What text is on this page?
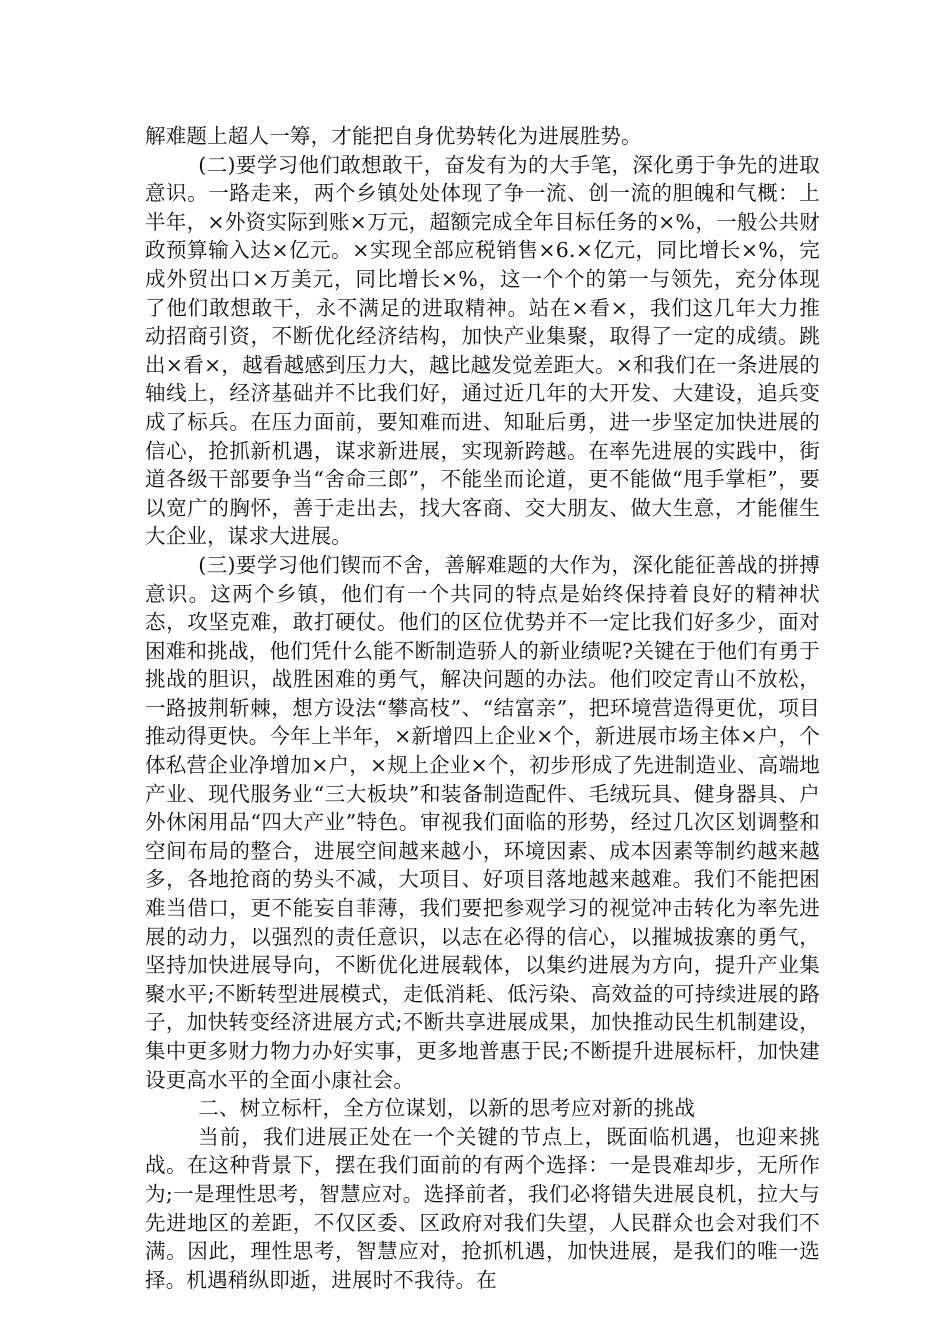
解难题上超人一筹，才能把自身优势转化为进展胜势。

(二)要学习他们敢想敢干，奋发有为的大手笔，深化勇于争先的进取意识。一路走来，两个乡镇处处体现了争一流、创一流的胆魄和气概：上半年，×外资实际到账×万元，超额完成全年目标任务的×%，一般公共财政预算输入达×亿元。×实现全部应税销售×6.×亿元，同比增长×%，完成外贸出口×万美元，同比增长×%，这一个个的第一与领先，充分体现了他们敢想敢干，永不满足的进取精神。站在×看×，我们这几年大力推动招商引资，不断优化经济结构，加快产业集聚，取得了一定的成绩。跳出×看×，越看越感到压力大，越比越发觉差距大。×和我们在一条进展的轴线上，经济基础并不比我们好，通过近几年的大开发、大建设，追兵变成了标兵。在压力面前，要知难而进、知耻后勇，进一步坚定加快进展的信心，抢抓新机遇，谋求新进展，实现新跨越。在率先进展的实践中，街道各级干部要争当“舍命三郎”，不能坐而论道，更不能做“甩手掌柜”，要以宽广的胸怀，善于走出去，找大客商、交大朋友、做大生意，才能催生大企业，谋求大进展。

(三)要学习他们锲而不舍，善解难题的大作为，深化能征善战的拼搏意识。这两个乡镇，他们有一个共同的特点是始终保持着良好的精神状态，攻坚克难，敢打硬仗。他们的区位优势并不一定比我们好多少，面对困难和挑战，他们凭什么能不断制造骄人的新业绩呢?关键在于他们有勇于挑战的胆识，战胜困难的勇气，解决问题的办法。他们咬定青山不放松，一路披荆斩棘，想方设法“攀高枝”、“结富亲”，把环境营造得更优，项目推动得更快。今年上半年，×新增四上企业×个，新进展市场主体×户，个体私营企业净增加×户，×规上企业×个，初步形成了先进制造业、高端地产业、现代服务业“三大板块”和装备制造配件、毛绒玩具、健身器具、户外休闲用品“四大产业”特色。审视我们面临的形势，经过几次区划调整和空间布局的整合，进展空间越来越小，环境因素、成本因素等制约越来越多，各地抢商的势头不减，大项目、好项目落地越来越难。我们不能把困难当借口，更不能妄自菲薄，我们要把参观学习的视觉冲击转化为率先进展的动力，以强烈的责任意识，以志在必得的信心，以摧城拔寨的勇气，坚持加快进展导向，不断优化进展载体，以集约进展为方向，提升产业集聚水平;不断转型进展模式，走低消耗、低污染、高效益的可持续进展的路子，加快转变经济进展方式;不断共享进展成果，加快推动民生机制建设，集中更多财力物力办好实事，更多地普惠于民;不断提升进展标杆，加快建设更高水平的全面小康社会。

二、树立标杆，全方位谋划，以新的思考应对新的挑战

当前，我们进展正处在一个关键的节点上，既面临机遇，也迎来挑战。在这种背景下，摆在我们面前的有两个选择：一是畏难却步，无所作为;一是理性思考，智慧应对。选择前者，我们必将错失进展良机，拉大与先进地区的差距，不仅区委、区政府对我们失望，人民群众也会对我们不满。因此，理性思考，智慧应对，抢抓机遇，加快进展，是我们的唯一选择。机遇稍纵即逝，进展时不我待。在
